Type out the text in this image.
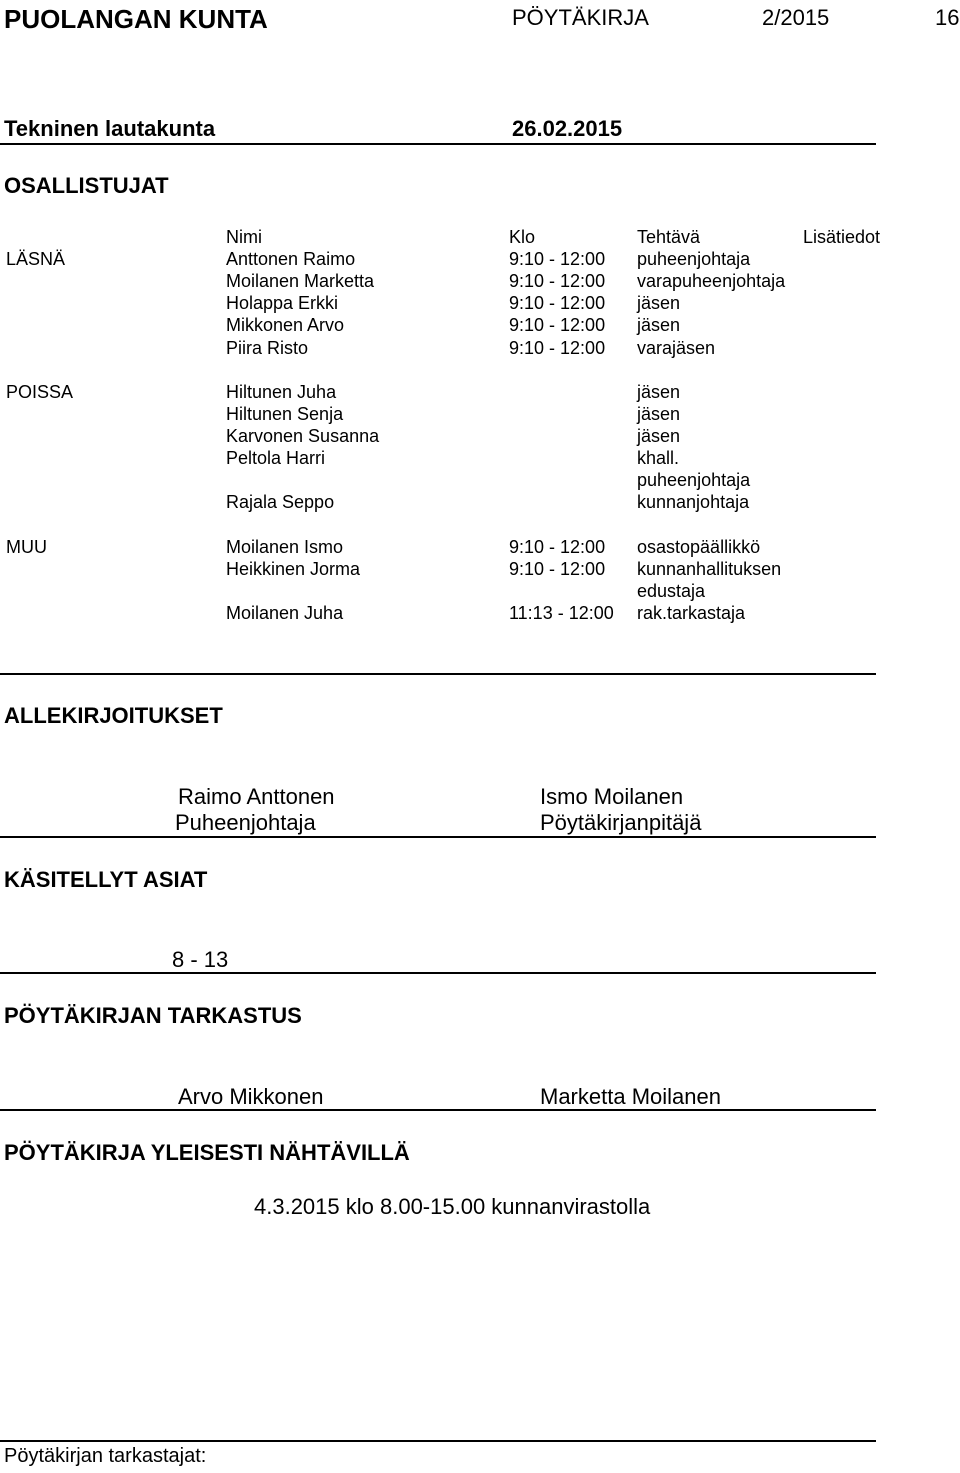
PUOLANGAN KUNTA	PÖYTÄKIRJA	2/2015	16
Tekninen lautakunta	26.02.2015
OSALLISTUJAT
Nimi	Klo	Tehtävä	Lisätiedot
LÄSNÄ	Anttonen Raimo	9:10 - 12:00 puheenjohtaja
Moilanen Marketta	9:10 - 12:00 varapuheenjohtaja
Holappa Erkki	9:10 - 12:00 jäsen
Mikkonen Arvo	9:10 - 12:00 jäsen
Piira Risto	9:10 - 12:00 varajäsen
POISSA	Hiltunen Juha	jäsen
Hiltunen Senja	jäsen
Karvonen Susanna	jäsen
Peltola Harri	khall.
puheenjohtaja
Rajala Seppo	kunnanjohtaja
MUU	Moilanen Ismo	9:10 - 12:00 osastopäällikkö
Heikkinen Jorma	9:10 - 12:00 kunnanhallituksen
edustaja
Moilanen Juha	11:13 - 12:00 rak.tarkastaja
ALLEKIRJOITUKSET
Raimo Anttonen	Ismo Moilanen
Puheenjohtaja	Pöytäkirjanpitäjä
KÄSITELLYT ASIAT
8 - 13
PÖYTÄKIRJAN TARKASTUS
Arvo Mikkonen	Marketta Moilanen
PÖYTÄKIRJA YLEISESTI NÄHTÄVILLÄ
4.3.2015 klo 8.00-15.00 kunnanvirastolla
Pöytäkirjan tarkastajat:
